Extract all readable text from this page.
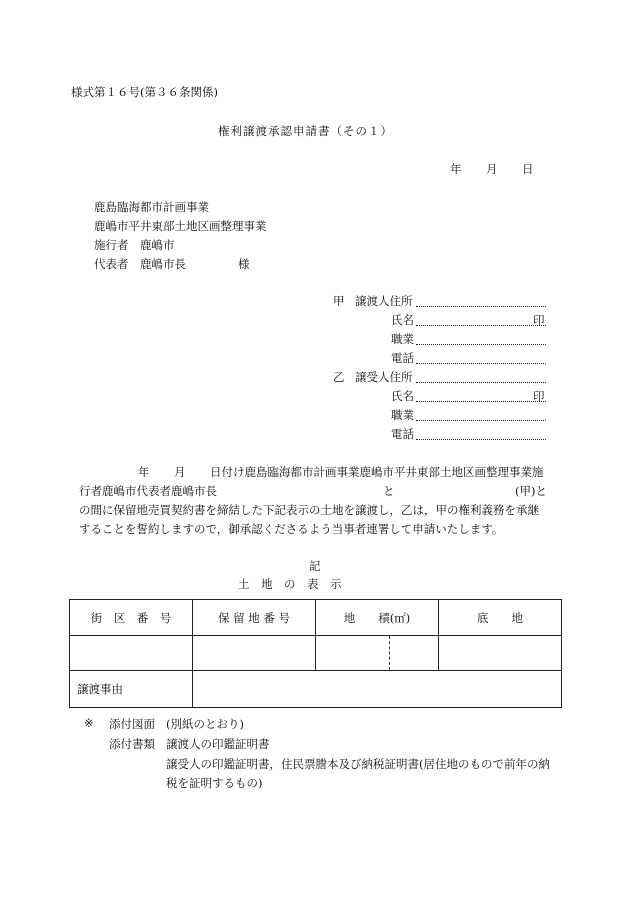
様式第１６号(第３６条関係)
権利譲渡承認申請書（その１）
年 月 日
鹿島臨海都市計画事業
鹿嶋市平井東部土地区画整理事業
施行者　鹿嶋市
代表者　鹿嶋市長	様
甲 譲渡人住所
氏名	印
職業
電話
乙 譲受人住所
氏名	印
職業
電話
年 月 日付け鹿島臨海都市計画事業鹿嶋市平井東部土地区画整理事業施
行者鹿嶋市代表者鹿嶋市長	と	(甲)と
の間に保留地売買契約書を締結した下記表示の土地を譲渡し，乙は，甲の権利義務を承継
することを誓約しますので，御承認くださるよう当事者連署して申請いたします。
記
土　地　の　表　示
街　区　番　号	保 留 地 番 号	地　　積(㎡)	底　　地

譲渡事由			
※ 添付図面 (別紙のとおり)
添付書類 譲渡人の印鑑証明書
譲受人の印鑑証明書，住民票謄本及び納税証明書(居住地のもので前年の納
税を証明するもの)
